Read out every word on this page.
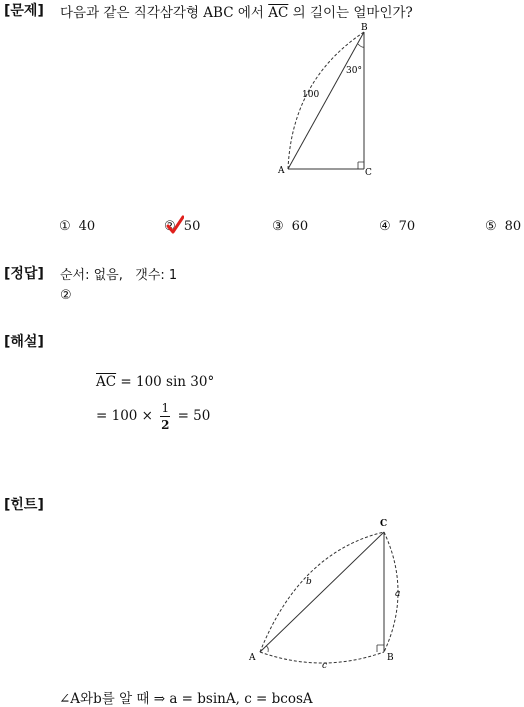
[문제] 다음과 같은 직각삼각형 ABC 에서 $\overline{AC}$ 의 길이는 얼마인가?
A
B
C
100
30°
① 40	② 50	③ 60	④ 70	⑤ 80
[정답] 순서: 없음,   갯수: 1
②
[해설]
$\overline{AC} = 100$ sin 30°
= $100 \times \frac{1}{2} = 50$
[힌트]
A	B
C
b
a
c
∠A와b를 알 때 ⇒ a = bsinA, c = bcosA
